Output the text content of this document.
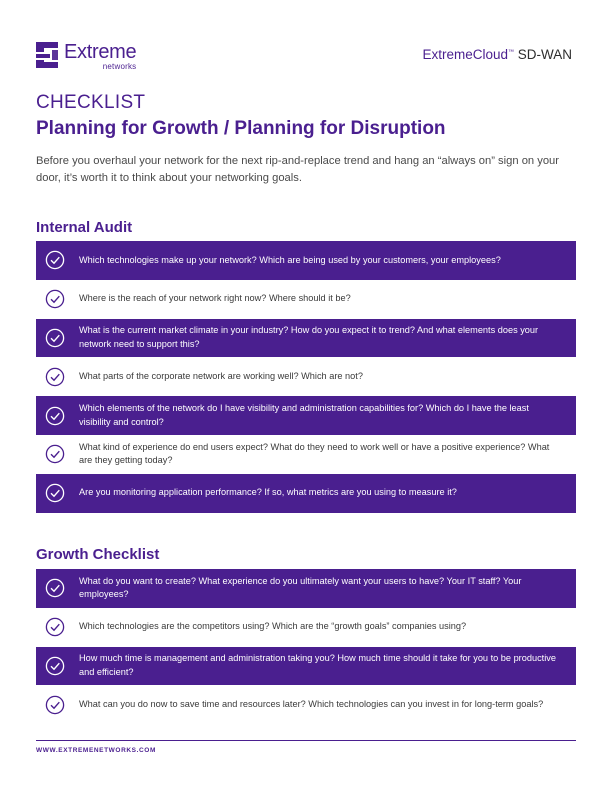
Extreme
networks
ExtremeCloud™ SD-WAN
CHECKLIST
Planning for Growth / Planning for Disruption

Before you overhaul your network for the next rip-and-replace trend and hang an “always on” sign on your door, it’s worth it to think about your networking goals.

Internal Audit
Which technologies make up your network? Which are being used by your customers, your employees?
Where is the reach of your network right now? Where should it be?
What is the current market climate in your industry? How do you expect it to trend? And what elements does your network need to support this?
What parts of the corporate network are working well? Which are not?
Which elements of the network do I have visibility and administration capabilities for? Which do I have the least visibility and control?
What kind of experience do end users expect? What do they need to work well or have a positive experience? What are they getting today?
Are you monitoring application performance? If so, what metrics are you using to measure it?
Growth Checklist
What do you want to create? What experience do you ultimately want your users to have? Your IT staff? Your employees?
Which technologies are the competitors using? Which are the “growth goals” companies using?
How much time is management and administration taking you? How much time should it take for you to be productive and efficient?
What can you do now to save time and resources later? Which technologies can you invest in for long-term goals?
WWW.EXTREMENETWORKS.COM
